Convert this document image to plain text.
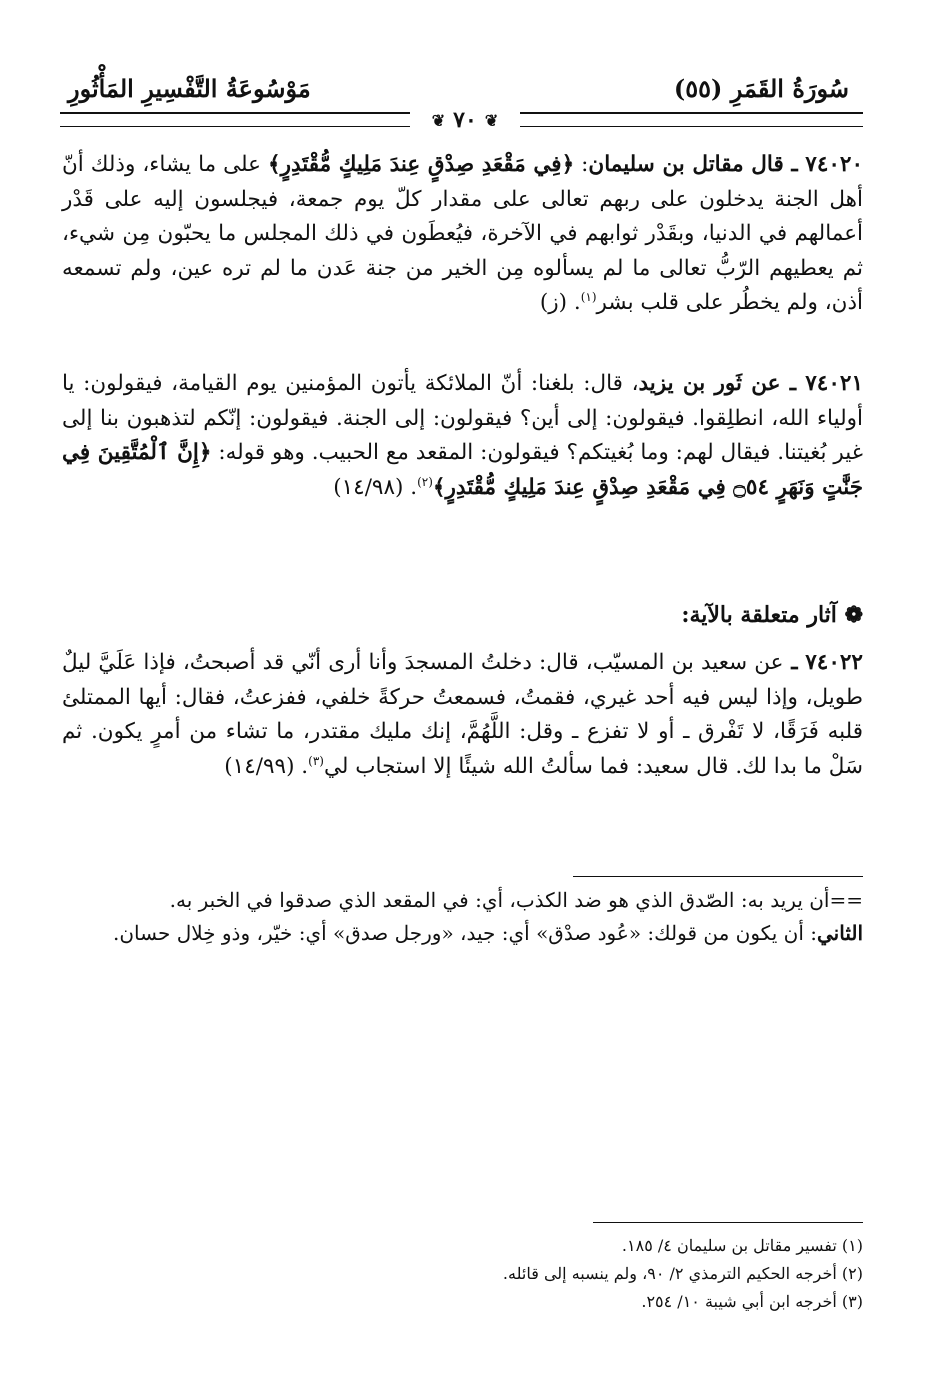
سُورَةُ القَمَرِ (٥٥)
مَوْسُوعَةُ التَّفْسِيرِ المَأْثُورِ
❦ ٧٠ ❦

٧٤٠٢٠ ـ قال مقاتل بن سليمان: ﴿فِي مَقْعَدِ صِدْقٍ عِندَ مَلِيكٍ مُّقْتَدِرٍ﴾ على ما يشاء، وذلك أنّ أهل الجنة يدخلون على ربهم تعالى على مقدار كلّ يوم جمعة، فيجلسون إليه على قَدْر أعمالهم في الدنيا، وبقَدْر ثوابهم في الآخرة، فيُعطَون في ذلك المجلس ما يحبّون مِن شيء، ثم يعطيهم الرّبُّ تعالى ما لم يسألوه مِن الخير من جنة عَدن ما لم تره عين، ولم تسمعه أذن، ولم يخطُر على قلب بشر$^{(١)}$. (ز)

٧٤٠٢١ ـ عن ثَور بن يزيد، قال: بلغنا: أنّ الملائكة يأتون المؤمنين يوم القيامة، فيقولون: يا أولياء الله، انطلِقوا. فيقولون: إلى أين؟ فيقولون: إلى الجنة. فيقولون: إنّكم لتذهبون بنا إلى غير بُغيتنا. فيقال لهم: وما بُغيتكم؟ فيقولون: المقعد مع الحبيب. وهو قوله: ﴿إِنَّ ٱلْمُتَّقِينَ فِي جَنَّٰتٍ وَنَهَرٍ ۝٥٤ فِي مَقْعَدِ صِدْقٍ عِندَ مَلِيكٍ مُّقْتَدِرٍ﴾$^{(٢)}$. (١٤/٩٨)

❁ آثار متعلقة بالآية:

٧٤٠٢٢ ـ عن سعيد بن المسيّب، قال: دخلتُ المسجدَ وأنا أرى أنّي قد أصبحتُ، فإذا عَلَيَّ ليلٌ طويل، وإذا ليس فيه أحد غيري، فقمتُ، فسمعتُ حركةً خلفي، ففزعتُ، فقال: أيها الممتلئ قلبه فَرَقًا، لا تَفْرق ـ أو لا تفزع ـ وقل: اللَّهُمَّ، إنك مليك مقتدر، ما تشاء من أمرٍ يكون. ثم سَلْ ما بدا لك. قال سعيد: فما سألتُ الله شيئًا إلا استجاب لي$^{(٣)}$. (١٤/٩٩)

==أن يريد به: الصّدق الذي هو ضد الكذب، أي: في المقعد الذي صدقوا في الخبر به.

الثاني: أن يكون من قولك: «عُود صدْق» أي: جيد، «ورجل صدق» أي: خيّر، وذو خِلال حسان.

(١) تفسير مقاتل بن سليمان ٤/ ١٨٥.

(٢) أخرجه الحكيم الترمذي ٢/ ٩٠، ولم ينسبه إلى قائله.

(٣) أخرجه ابن أبي شيبة ١٠/ ٢٥٤.
